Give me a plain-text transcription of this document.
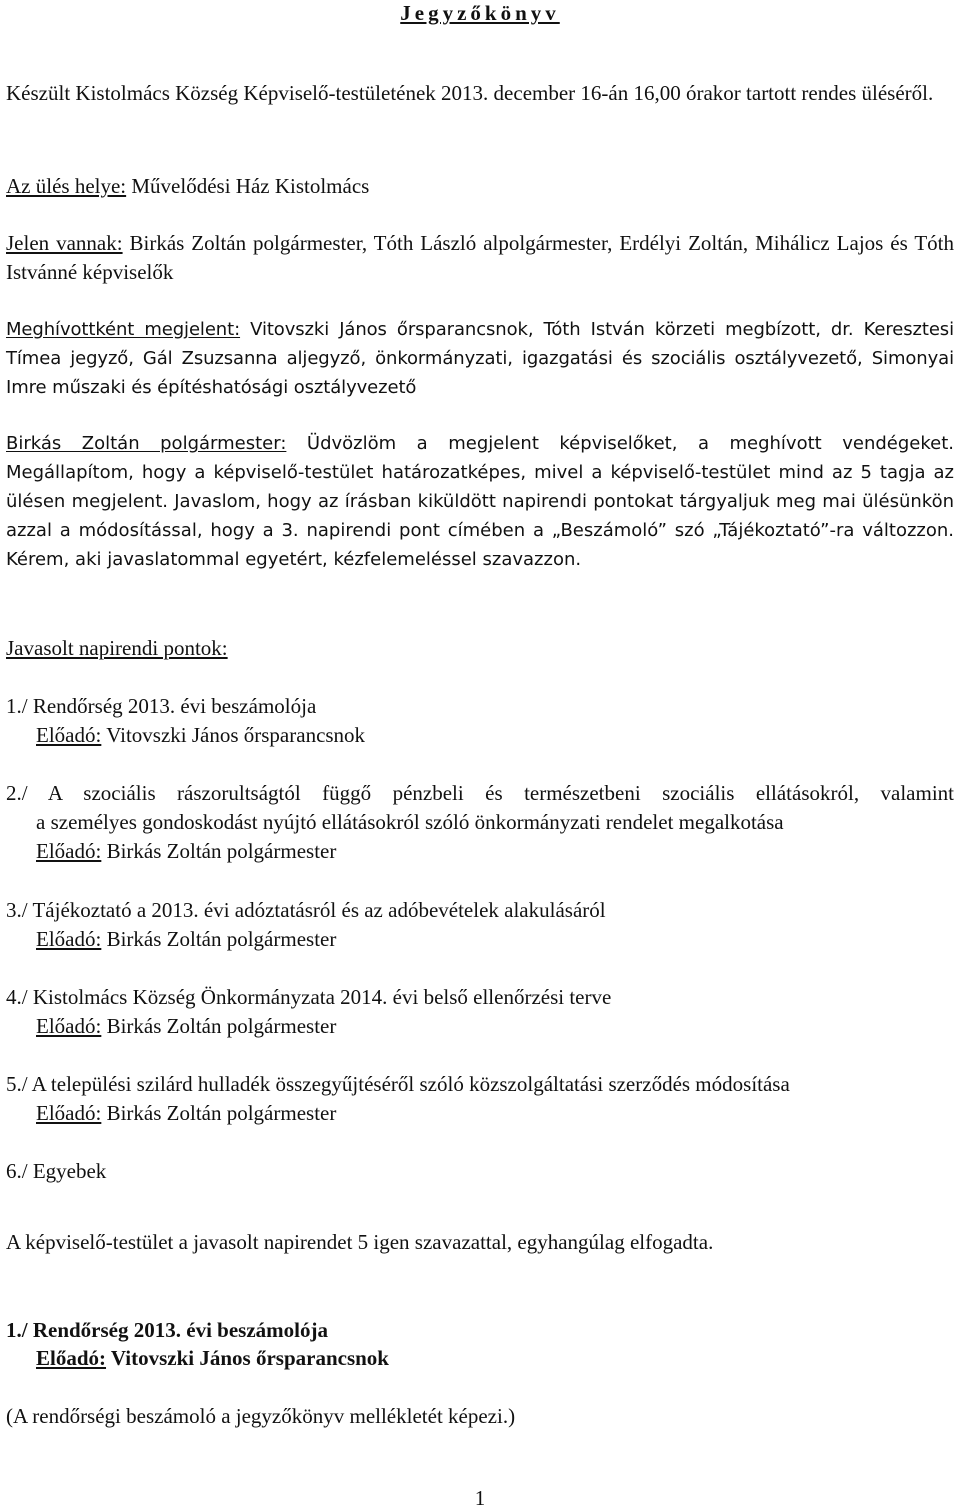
Jegyzőkönyv

Készült Kistolmács Község Képviselő-testületének 2013. december 16-án 16,00 órakor tartott rendes üléséről.

Az ülés helye: Művelődési Ház Kistolmács

Jelen vannak: Birkás Zoltán polgármester, Tóth László alpolgármester, Erdélyi Zoltán, Mihálicz Lajos és Tóth Istvánné képviselők

Meghívottként megjelent: Vitovszki János őrsparancsnok, Tóth István körzeti megbízott, dr. Keresztesi Tímea jegyző, Gál Zsuzsanna aljegyző, önkormányzati, igazgatási és szociális osztályvezető, Simonyai Imre műszaki és építéshatósági osztályvezető

Birkás Zoltán polgármester: Üdvözlöm a megjelent képviselőket, a meghívott vendégeket. Megállapítom, hogy a képviselő-testület határozatképes, mivel a képviselő-testület mind az 5 tagja az ülésen megjelent. Javaslom, hogy az írásban kiküldött napirendi pontokat tárgyaljuk meg mai ülésünkön azzal a módosítással, hogy a 3. napirendi pont címében a „Beszámoló” szó „Tájékoztató”-ra változzon. Kérem, aki javaslatommal egyetért, kézfelemeléssel szavazzon.

Javasolt napirendi pontok:

1./ Rendőrség 2013. évi beszámolója

Előadó: Vitovszki János őrsparancsnok

2./ A szociális rászorultságtól függő pénzbeli és természetbeni szociális ellátásokról, valamint

a személyes gondoskodást nyújtó ellátásokról szóló önkormányzati rendelet megalkotása

Előadó: Birkás Zoltán polgármester

3./ Tájékoztató a 2013. évi adóztatásról és az adóbevételek alakulásáról

Előadó: Birkás Zoltán polgármester

4./ Kistolmács Község Önkormányzata 2014. évi belső ellenőrzési terve

Előadó: Birkás Zoltán polgármester

5./ A települési szilárd hulladék összegyűjtéséről szóló közszolgáltatási szerződés módosítása

Előadó: Birkás Zoltán polgármester

6./ Egyebek

A képviselő-testület a javasolt napirendet 5 igen szavazattal, egyhangúlag elfogadta.

1./ Rendőrség 2013. évi beszámolója

Előadó: Vitovszki János őrsparancsnok

(A rendőrségi beszámoló a jegyzőkönyv mellékletét képezi.)

1
